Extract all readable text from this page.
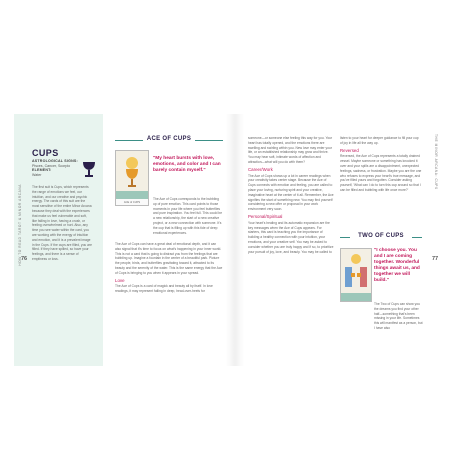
HOW TO READ TAROT & MINOR ARCANA 76
CUPS
ASTROLOGICAL SIGNS:
Pisces, Cancer, Scorpio
ELEMENT:
Water
The first suit is Cups, which represents the range of emotions we feel, our intuition, and our creative and psychic energy. The cards of this suit are the most sensitive of the entire Minor Arcana because they deal with the experiences that make us feel vulnerable and soft, like falling in love, having a crush, or feeling overwhelmed or hurt. Also, any time you see water within the card, you are working with the energy of intuition and emotion, and it is a prevalent image in the Cups. If the cups are filled, you are filled. If they have spilled, so have your feelings, and there is a sense of emptiness or loss.
ACE OF CUPS
ACE of CUPS
"My heart bursts with love, emotions, and color and I can barely contain myself."

The Ace of Cups corresponds to the bubbling up of pure emotion. This card points to those moments in your life where you feel butterflies and pure inspiration. You feel full. This could be a new relationship, the start of a new creative project, or a new connection with someone. It's the cup that is filling up with this tide of deep emotional experiences.

The Ace of Cups can have a great deal of emotional depth, and it can also signal that it's time to focus on what's happening in your inner world. This is not a card that is going to distract you from the feelings that are bubbling up. Imagine a fountain in the center of a beautiful park. Picture the people, birds, and butterflies gravitating toward it, attracted to its beauty and the serenity of the water. This is the same energy that the Ace of Cups is bringing to you when it appears in your spread.

Love

The Ace of Cups is a card of magick and beauty all by itself. In love readings, it may represent falling in deep, head-over-heels for

someone—or someone else feeling this way for you. Your heart has totally opened, and the emotions there are swelling and swirling within you. New love may enter your life, or an established relationship may grow and thrive. You may hear soft, intimate words of affection and attraction—what will you do with them?

Career/Work

The Ace of Cups shows up a lot in career readings when your creativity takes center stage. Because the Ace of Cups connects with emotion and feeling, you are called to place your loving, nurturing spirit and your creative, imaginative heart at the center of it all. Remember, the Ace signifies the start of something new. You may find yourself considering a new offer or proposal in your work environment very soon.

Personal/Spiritual

Your heart's healing and its automatic expansion are the key messages when the Ace of Cups appears. For starters, this card is teaching you the importance of building a healthy connection with your intuition, your emotions, and your creative self. You may be asked to consider whether you are truly happy and if so, to prioritize your pursuit of joy, love, and beauty. You may be called to

listen to your heart for deeper guidance to fill your cup of joy in life all the way up.

Reversed

Reversed, the Ace of Cups represents a totally drained vessel. Maybe someone or something has knocked it over and your spills are a disappointment, unexpected feelings, sadness, or frustration. Maybe you are the one who refuses to express your heart's true message, and you've filled yours and forgotten. Consider asking yourself, 'What can I do to turn this cup around so that I can be filled and bubbling with life once more?'

TWO OF CUPS
"I choose you. You and I are coming together. Wonderful things await us, and together we will build."

The Two of Cups can show you the dreams you find your other half—something that's been missing in your life. Sometimes this will manifest as a person, but I have also

THE MINOR ARCANA: CUPS
77
